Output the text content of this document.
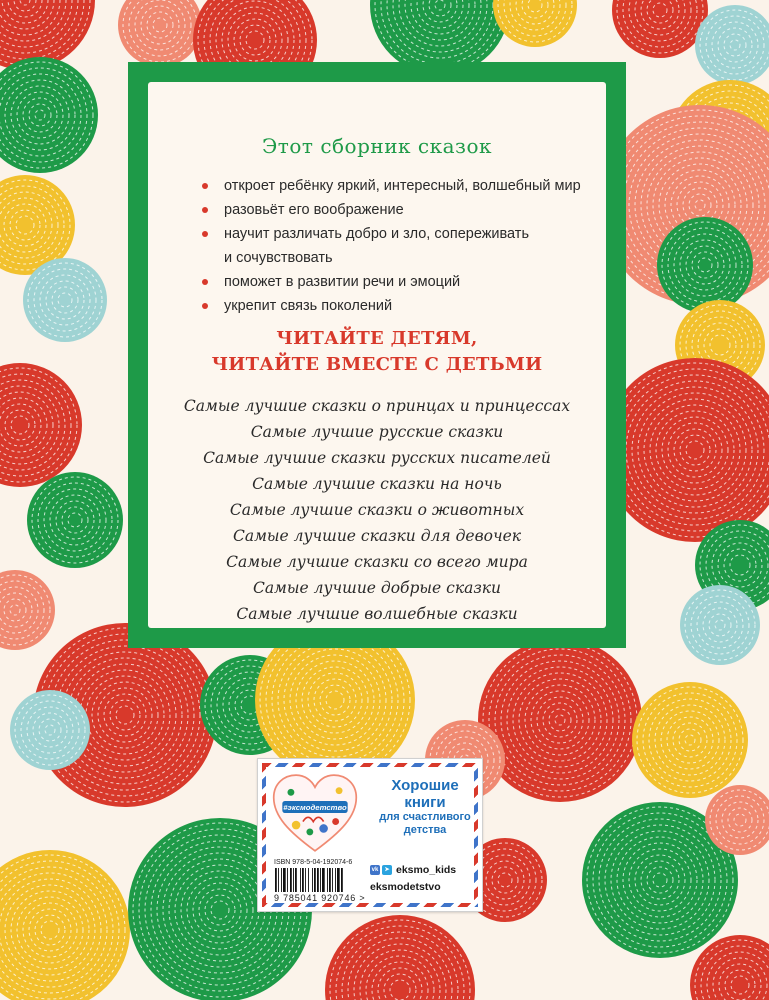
Этот сборник сказок
откроет ребёнку яркий, интересный, волшебный мир
разовьёт его воображение
научит различать добро и зло, сопереживать
и сочувствовать
поможет в развитии речи и эмоций
укрепит связь поколений
ЧИТАЙТЕ ДЕТЯМ,
ЧИТАЙТЕ ВМЕСТЕ С ДЕТЬМИ
Самые лучшие сказки о принцах и принцессах
Самые лучшие русские сказки
Самые лучшие сказки русских писателей
Самые лучшие сказки на ночь
Самые лучшие сказки о животных
Самые лучшие сказки для девочек
Самые лучшие сказки со всего мира
Самые лучшие добрые сказки
Самые лучшие волшебные сказки
#эксмодетство
Хорошие
книги
для счастливого
детства
ISBN 978-5-04-192074-6
9 785041 920746 >
vk	➤ eksmo_kids
eksmodetstvo
